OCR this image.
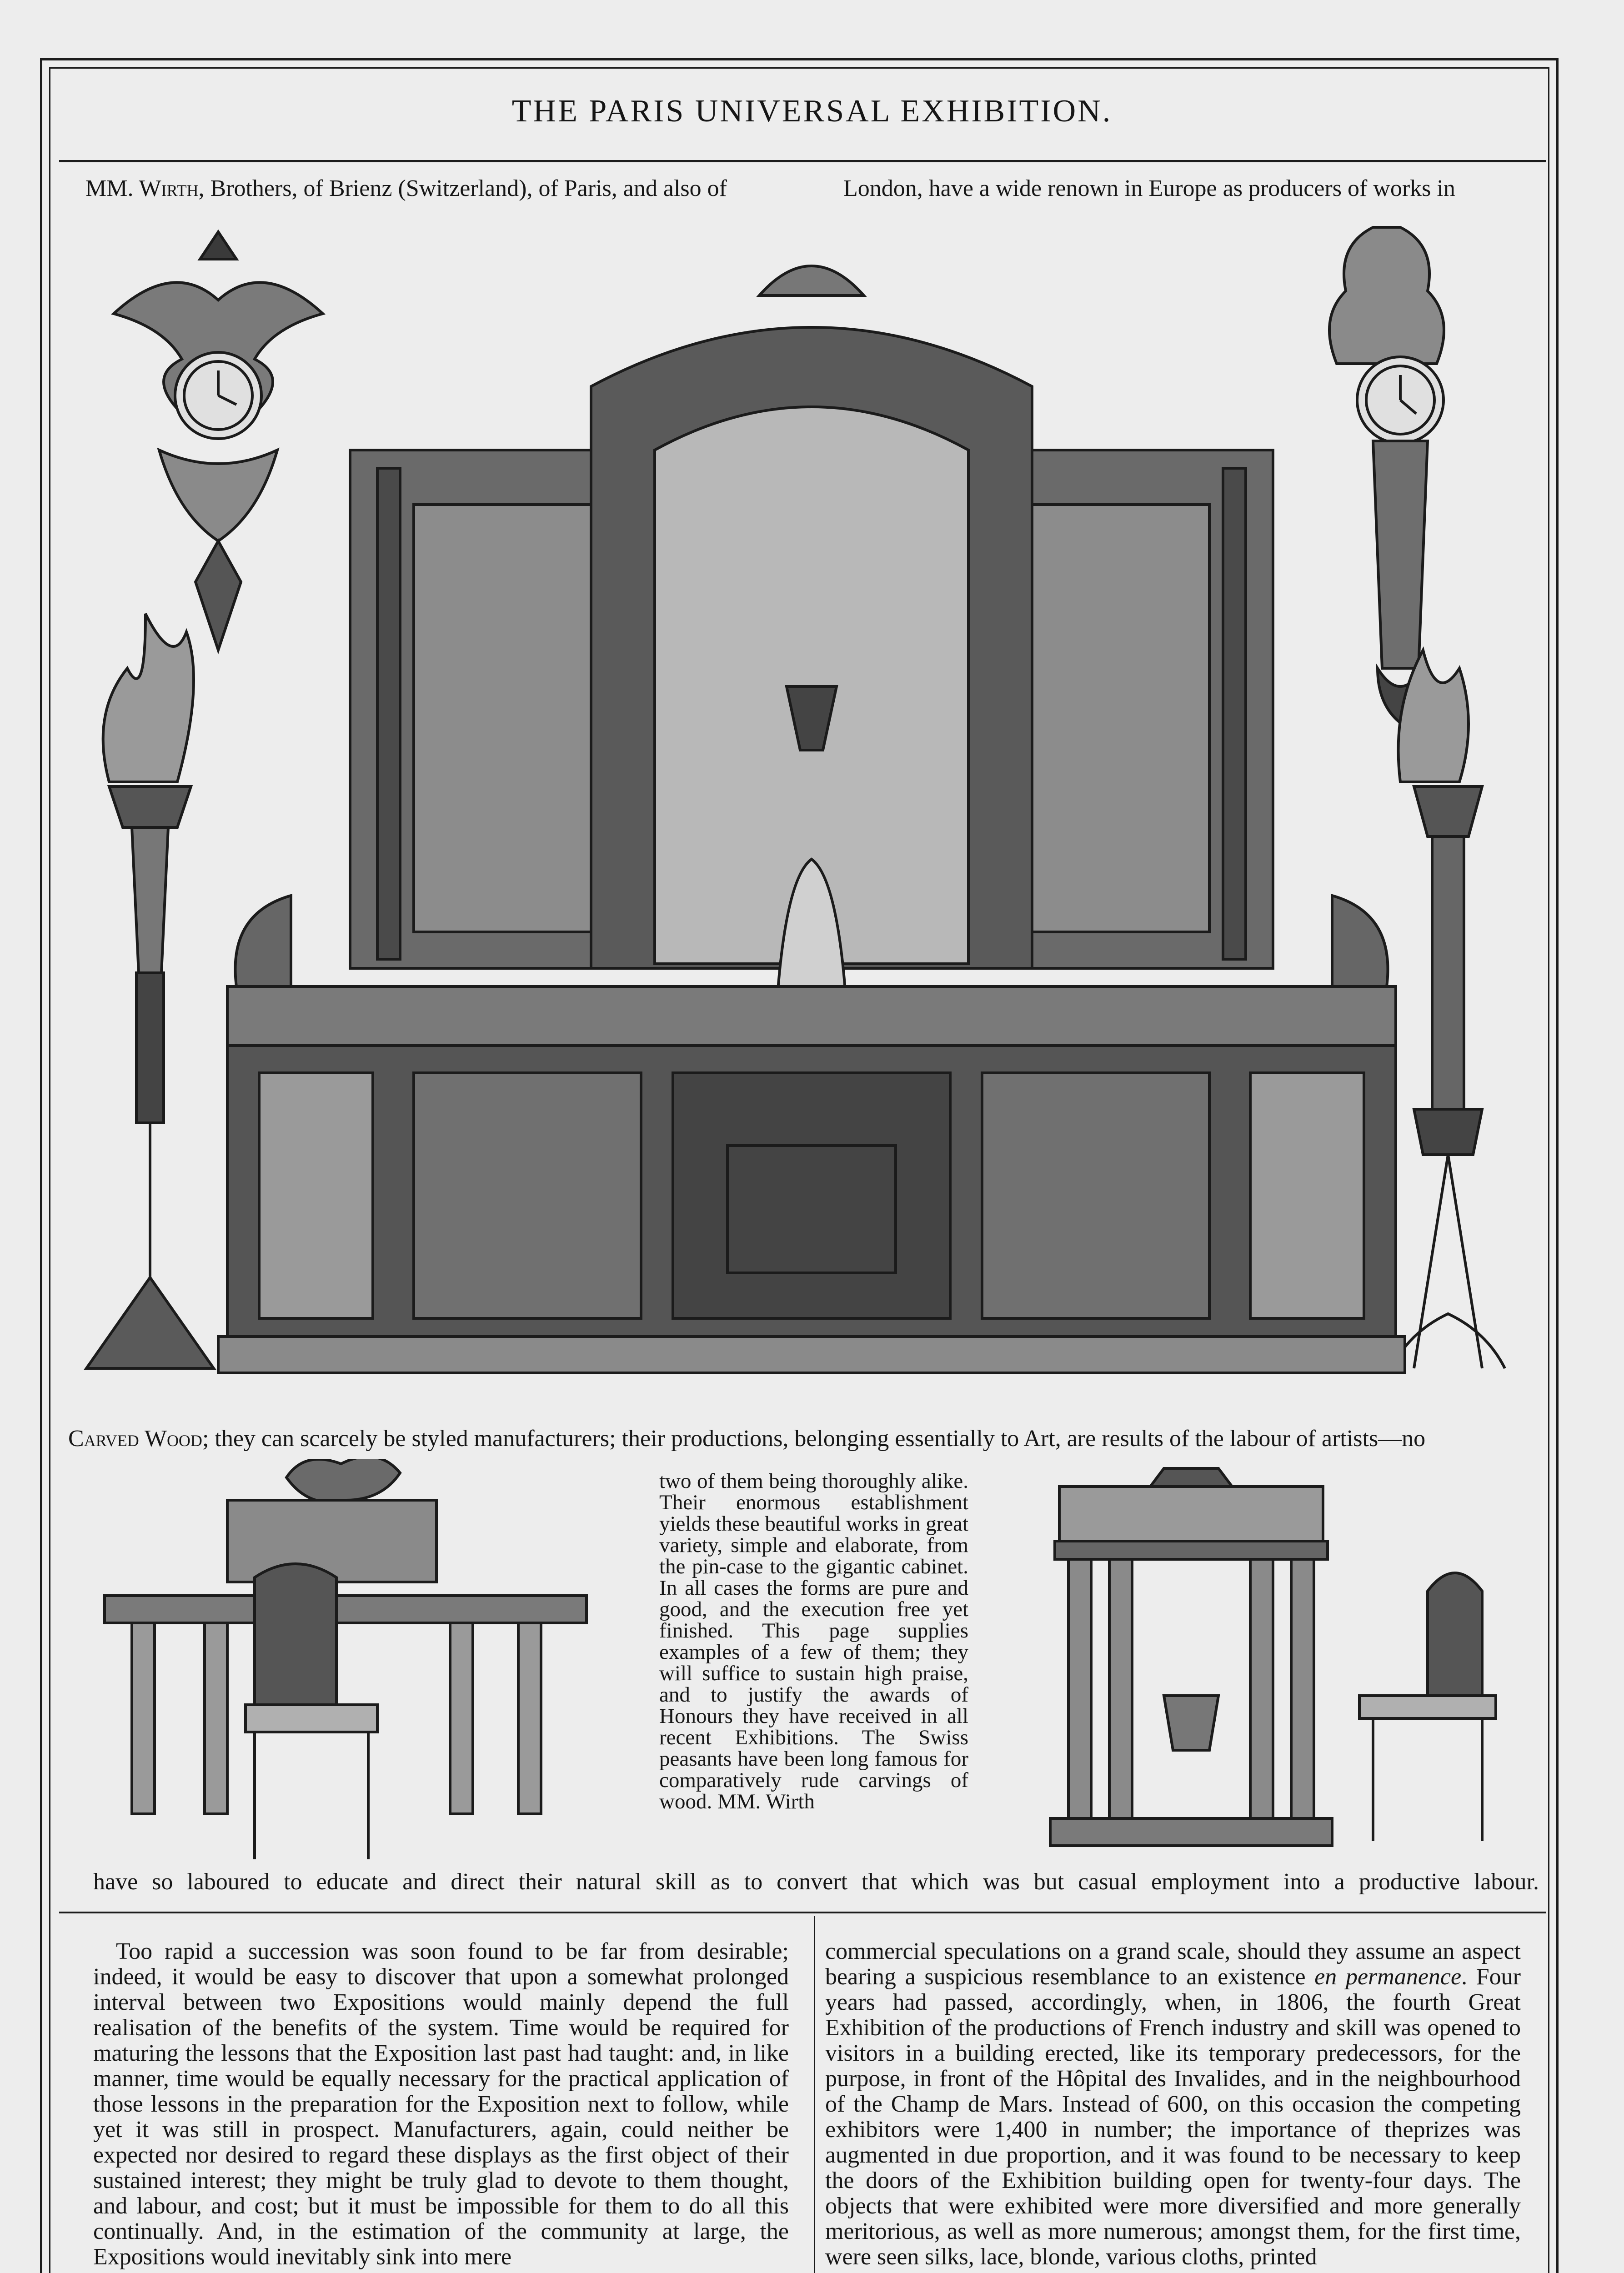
THE PARIS UNIVERSAL EXHIBITION.
MM. Wirth, Brothers, of Brienz (Switzerland), of Paris, and also of	London, have a wide renown in Europe as producers of works in
Carved Wood; they can scarcely be styled manufacturers; their productions, belonging essentially to Art, are results of the labour of artists—no
two of them being thoroughly alike. Their enormous establishment yields these beautiful works in great variety, simple and elaborate, from the pin-case to the gigantic cabinet. In all cases the forms are pure and good, and the execution free yet finished. This page supplies examples of a few of them; they will suffice to sustain high praise, and to justify the awards of Honours they have received in all recent Exhibitions. The Swiss peasants have been long famous for comparatively rude carvings of wood. MM. Wirth
have so laboured to educate and direct their natural skill as to convert that which was but casual employment into a productive labour.

Too rapid a succession was soon found to be far from desirable; indeed, it would be easy to discover that upon a somewhat prolonged interval between two Expositions would mainly depend the full realisation of the benefits of the system. Time would be required for maturing the lessons that the Exposition last past had taught: and, in like manner, time would be equally necessary for the practical application of those lessons in the preparation for the Exposition next to follow, while yet it was still in prospect. Manufacturers, again, could neither be expected nor desired to regard these displays as the first object of their sustained interest; they might be truly glad to devote to them thought, and labour, and cost; but it must be impossible for them to do all this continually. And, in the estimation of the community at large, the Expositions would inevitably sink into mere

commercial speculations on a grand scale, should they assume an aspect bearing a suspicious resemblance to an existence en permanence. Four years had passed, accordingly, when, in 1806, the fourth Great Exhibition of the productions of French industry and skill was opened to visitors in a building erected, like its temporary predecessors, for the purpose, in front of the Hôpital des Invalides, and in the neighbourhood of the Champ de Mars. Instead of 600, on this occasion the competing exhibitors were 1,400 in number; the importance of theprizes was augmented in due proportion, and it was found to be necessary to keep the doors of the Exhibition building open for twenty-four days. The objects that were exhibited were more diversified and more generally meritorious, as well as more numerous; amongst them, for the first time, were seen silks, lace, blonde, various cloths, printed
